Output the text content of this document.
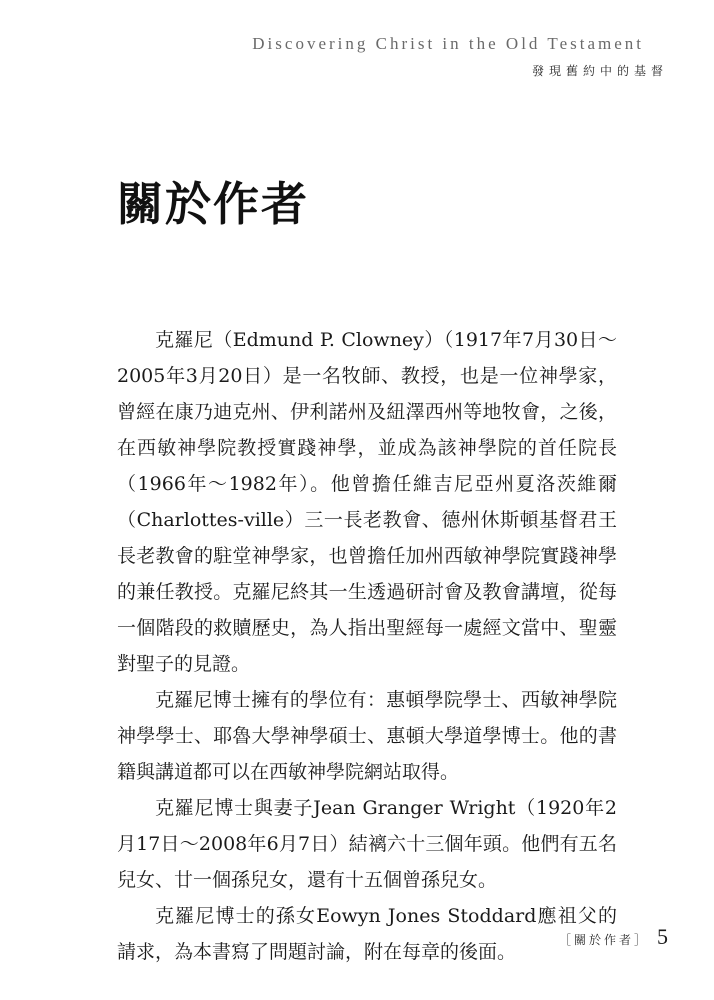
Discovering Christ in the Old Testament
發現舊約中的基督
關於作者

克羅尼（Edmund P. Clowney）（1917年7月30日～2005年3月20日）是一名牧師、教授，也是一位神學家，曾經在康乃迪克州、伊利諾州及紐澤西州等地牧會，之後，在西敏神學院教授實踐神學，並成為該神學院的首任院長（1966年～1982年）。他曾擔任維吉尼亞州夏洛茨維爾（Charlottes-ville）三一長老教會、德州休斯頓基督君王長老教會的駐堂神學家，也曾擔任加州西敏神學院實踐神學的兼任教授。克羅尼終其一生透過研討會及教會講壇，從每一個階段的救贖歷史，為人指出聖經每一處經文當中、聖靈對聖子的見證。

克羅尼博士擁有的學位有：惠頓學院學士、西敏神學院神學學士、耶魯大學神學碩士、惠頓大學道學博士。他的書籍與講道都可以在西敏神學院網站取得。

克羅尼博士與妻子Jean Granger Wright（1920年2月17日～2008年6月7日）結褵六十三個年頭。他們有五名兒女、廿一個孫兒女，還有十五個曾孫兒女。

克羅尼博士的孫女Eowyn Jones Stoddard應祖父的請求，為本書寫了問題討論，附在每章的後面。

［關於作者］ 5
